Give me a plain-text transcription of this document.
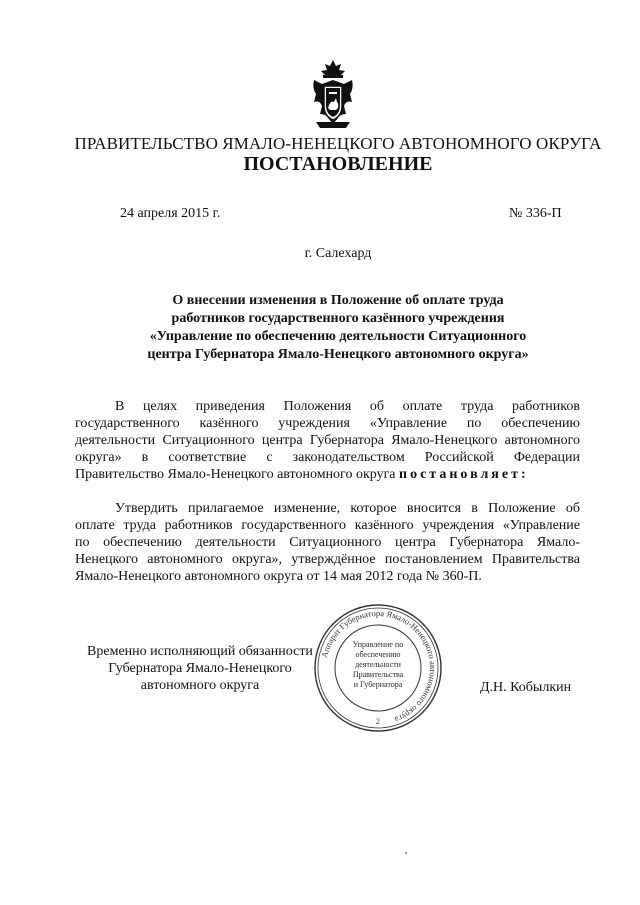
ПРАВИТЕЛЬСТВО ЯМАЛО-НЕНЕЦКОГО АВТОНОМНОГО ОКРУГА
ПОСТАНОВЛЕНИЕ
24 апреля 2015 г.	№ 336-П
г. Салехард
О внесении изменения в Положение об оплате труда
работников государственного казённого учреждения
«Управление по обеспечению деятельности Ситуационного
центра Губернатора Ямало-Ненецкого автономного округа»
В целях приведения Положения об оплате труда работников
государственного казённого учреждения «Управление по обеспечению
деятельности Ситуационного центра Губернатора Ямало-Ненецкого автономного
округа» в соответствие с законодательством Российской Федерации
Правительство Ямало-Ненецкого автономного округа постановляет:
Утвердить прилагаемое изменение, которое вносится в Положение об
оплате труда работников государственного казённого учреждения «Управление
по обеспечению деятельности Ситуационного центра Губернатора Ямало-
Ненецкого автономного округа», утверждённое постановлением Правительства
Ямало-Ненецкого автономного округа от 14 мая 2012 года № 360-П.
Временно исполняющий обязанности
Губернатора Ямало-Ненецкого
автономного округа
Аппарат Губернатора Ямало-Ненецкого автономного округа
2
Управление по
обеспечению
деятельности
Правительства
и Губернатора	Д.Н. Кобылкин
